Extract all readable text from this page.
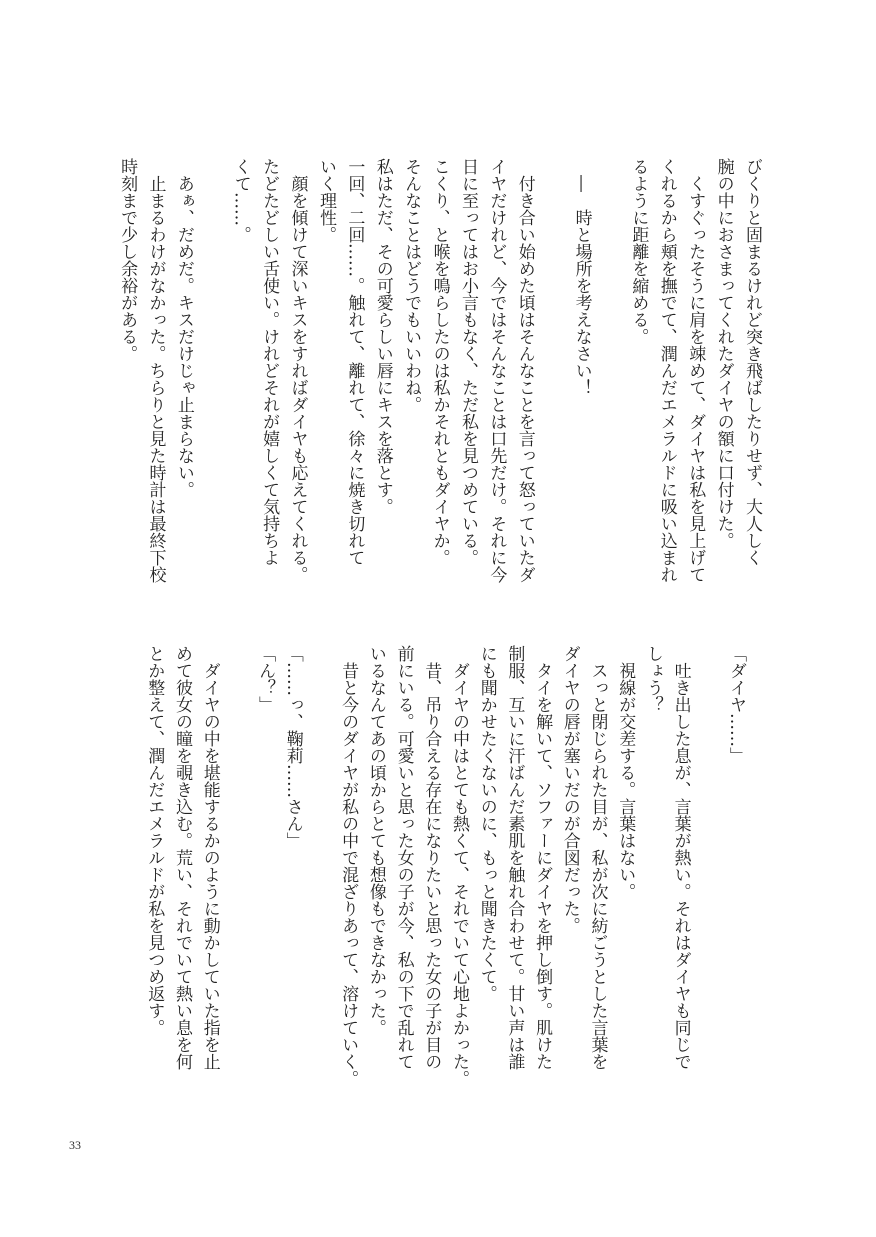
びくりと固まるけれど突き飛ばしたりせず、大人しく
腕の中におさまってくれたダイヤの額に口付けた。
　くすぐったそうに肩を竦めて、ダイヤは私を見上げて
くれるから頬を撫でて、潤んだエメラルドに吸い込まれ
るように距離を縮める。
　―　時と場所を考えなさい！
　付き合い始めた頃はそんなことを言って怒っていたダ
イヤだけれど、今ではそんなことは口先だけ。それに今
日に至ってはお小言もなく、ただ私を見つめている。
こくり、と喉を鳴らしたのは私かそれともダイヤか。
そんなことはどうでもいいわね。
私はただ、その可愛らしい唇にキスを落とす。
一回、二回……。触れて、離れて、徐々に焼き切れて
いく理性。
　顔を傾けて深いキスをすればダイヤも応えてくれる。
たどたどしい舌使い。けれどそれが嬉しくて気持ちよ
くて……。
　あぁ、だめだ。キスだけじゃ止まらない。
　止まるわけがなかった。ちらりと見た時計は最終下校
時刻まで少し余裕がある。
「ダイヤ……」
　吐き出した息が、言葉が熱い。それはダイヤも同じで
しょう？
　視線が交差する。言葉はない。
　スっと閉じられた目が、私が次に紡ごうとした言葉を
ダイヤの唇が塞いだのが合図だった。
　タイを解いて、ソファーにダイヤを押し倒す。肌けた
制服、互いに汗ばんだ素肌を触れ合わせて。甘い声は誰
にも聞かせたくないのに、もっと聞きたくて。
　ダイヤの中はとても熱くて、それでいて心地よかった。
　昔、吊り合える存在になりたいと思った女の子が目の
前にいる。可愛いと思った女の子が今、私の下で乱れて
いるなんてあの頃からとても想像もできなかった。
　昔と今のダイヤが私の中で混ざりあって、溶けていく。
「……っ、鞠莉……さん」
「ん？」
　ダイヤの中を堪能するかのように動かしていた指を止
めて彼女の瞳を覗き込む。荒い、それでいて熱い息を何
とか整えて、潤んだエメラルドが私を見つめ返す。
33
